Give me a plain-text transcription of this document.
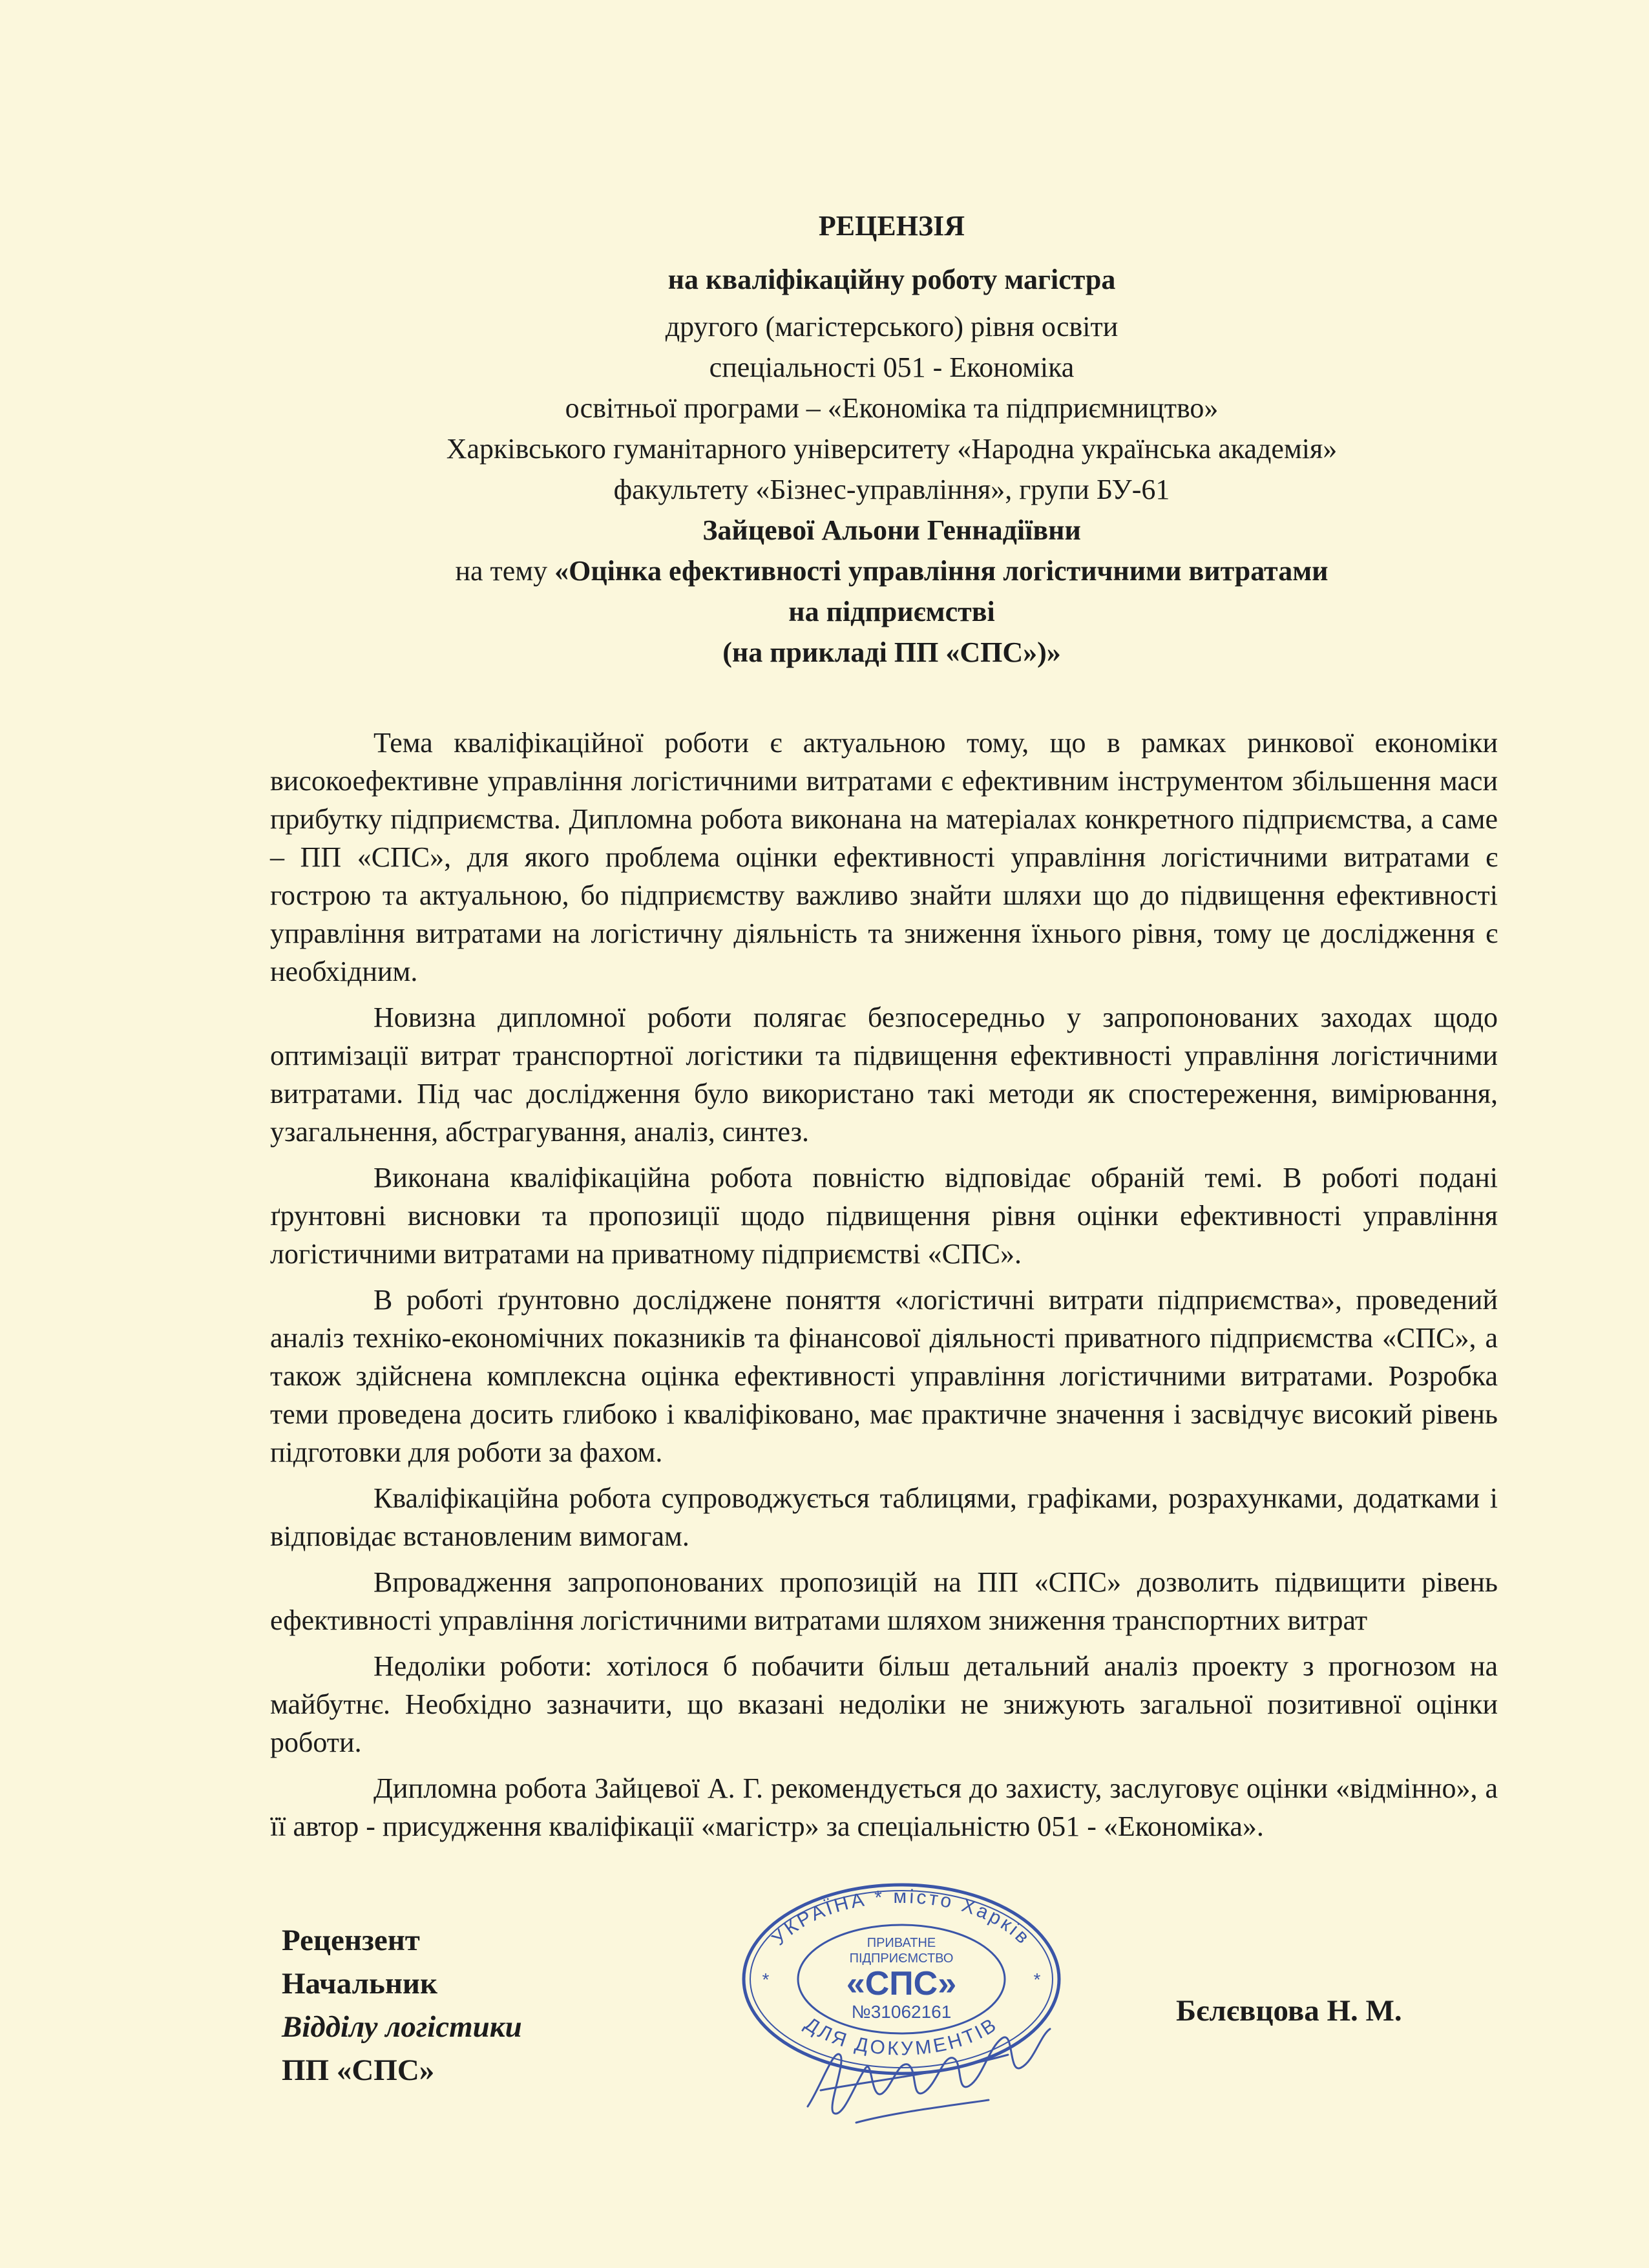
РЕЦЕНЗІЯ
на кваліфікаційну роботу магістра
другого (магістерського) рівня освіти
спеціальності 051 - Економіка
освітньої програми – «Економіка та підприємництво»
Харківського гуманітарного університету «Народна українська академія»
факультету «Бізнес-управління», групи БУ-61
Зайцевої Альони Геннадіївни
на тему «Оцінка ефективності управління логістичними витратами
на підприємстві
(на прикладі ПП «СПС»)»

Тема кваліфікаційної роботи є актуальною тому, що в рамках ринкової економіки високоефективне управління логістичними витратами є ефективним інструментом збільшення маси прибутку підприємства. Дипломна робота виконана на матеріалах конкретного підприємства, а саме – ПП «СПС», для якого проблема оцінки ефективності управління логістичними витратами є гострою та актуальною, бо підприємству важливо знайти шляхи що до підвищення ефективності управління витратами на логістичну діяльність та зниження їхнього рівня, тому це дослідження є необхідним.

Новизна дипломної роботи полягає безпосередньо у запропонованих заходах щодо оптимізації витрат транспортної логістики та підвищення ефективності управління логістичними витратами. Під час дослідження було використано такі методи як спостереження, вимірювання, узагальнення, абстрагування, аналіз, синтез.

Виконана кваліфікаційна робота повністю відповідає обраній темі. В роботі подані ґрунтовні висновки та пропозиції щодо підвищення рівня оцінки ефективності управління логістичними витратами на приватному підприємстві «СПС».

В роботі ґрунтовно досліджене поняття «логістичні витрати підприємства», проведений аналіз техніко-економічних показників та фінансової діяльності приватного підприємства «СПС», а також здійснена комплексна оцінка ефективності управління логістичними витратами. Розробка теми проведена досить глибоко і кваліфіковано, має практичне значення і засвідчує високий рівень підготовки для роботи за фахом.

Кваліфікаційна робота супроводжується таблицями, графіками, розрахунками, додатками і відповідає встановленим вимогам.

Впровадження запропонованих пропозицій на ПП «СПС» дозволить підвищити рівень ефективності управління логістичними витратами шляхом зниження транспортних витрат

Недоліки роботи: хотілося б побачити більш детальний аналіз проекту з прогнозом на майбутнє. Необхідно зазначити, що вказані недоліки не знижують загальної позитивної оцінки роботи.

Дипломна робота Зайцевої А. Г. рекомендується до захисту, заслуговує оцінки «відмінно», а її автор - присудження кваліфікації «магістр» за спеціальністю 051 - «Економіка».

Рецензент
Начальник
Відділу логістики
ПП «СПС»
УКРАЇНА * місто Харків
ДЛЯ ДОКУМЕНТІВ
ПРИВАТНЕ
ПІДПРИЄМСТВО
«СПС»
№31062161
*	*
Бєлєвцова Н. М.
